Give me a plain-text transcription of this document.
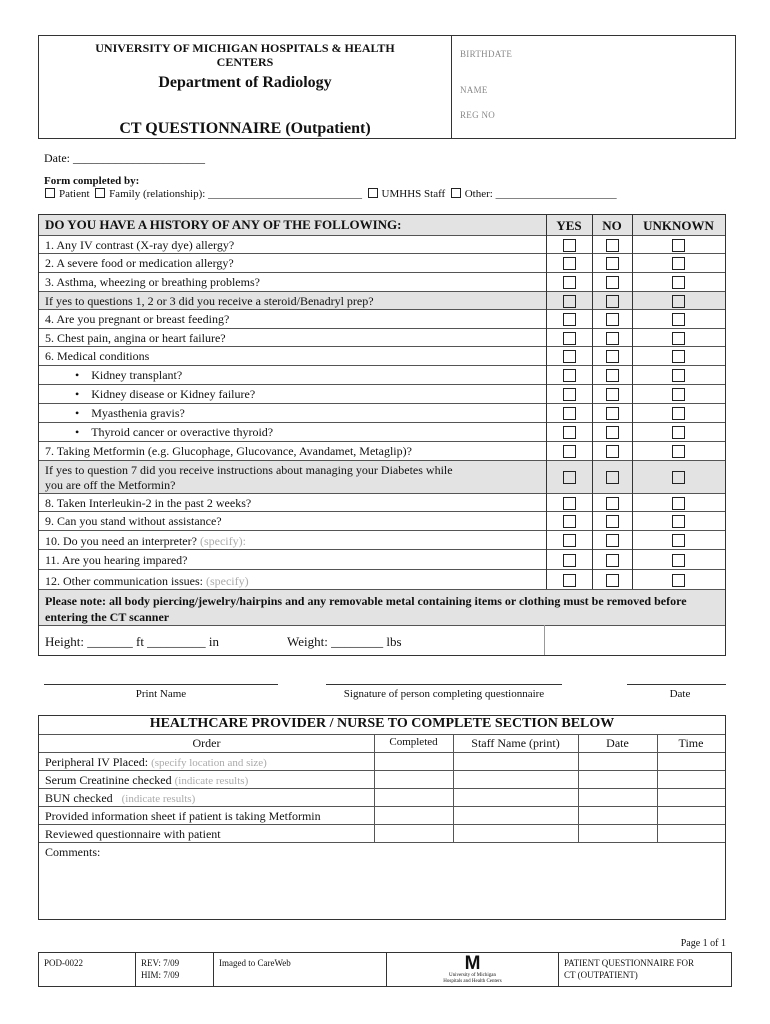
UNIVERSITY OF MICHIGAN HOSPITALS & HEALTH CENTERS
Department of Radiology
CT QUESTIONNAIRE (Outpatient)
BIRTHDATE
NAME
REG NO
Date: ______________________
Form completed by:
Patient Family (relationship): ____________________________ UMHHS Staff Other: ______________________
DO YOU HAVE A HISTORY OF ANY OF THE FOLLOWING:	YES	NO	UNKNOWN
1. Any IV contrast (X-ray dye) allergy?
2. A severe food or medication allergy?
3. Asthma, wheezing or breathing problems?
If yes to questions 1, 2 or 3 did you receive a steroid/Benadryl prep?
4. Are you pregnant or breast feeding?
5. Chest pain, angina or heart failure?
6. Medical conditions
• Kidney transplant?
• Kidney disease or Kidney failure?
• Myasthenia gravis?
• Thyroid cancer or overactive thyroid?
7. Taking Metformin (e.g. Glucophage, Glucovance, Avandamet, Metaglip)?
If yes to question 7 did you receive instructions about managing your Diabetes while
you are off the Metformin?
8. Taken Interleukin-2 in the past 2 weeks?
9. Can you stand without assistance?
10. Do you need an interpreter? (specify):
11. Are you hearing impared?
12. Other communication issues: (specify)
Please note: all body piercing/jewelry/hairpins and any removable metal containing items or clothing must be removed before entering the CT scanner
Height: _______ ft _________ in	Weight: ________ lbs
Print Name	Signature of person completing questionnaire	Date
HEALTHCARE PROVIDER / NURSE TO COMPLETE SECTION BELOW
Order	Completed	Staff Name (print)	Date	Time
Peripheral IV Placed: (specify location and size)
Serum Creatinine checked (indicate results)
BUN checked (indicate results)
Provided information sheet if patient is taking Metformin
Reviewed questionnaire with patient
Comments:
Page 1 of 1
POD-0022	REV: 7/09
HIM: 7/09
Imaged to CareWeb	M
University of Michigan
Hospitals and Health Centers
PATIENT QUESTIONNAIRE FOR
CT (OUTPATIENT)
